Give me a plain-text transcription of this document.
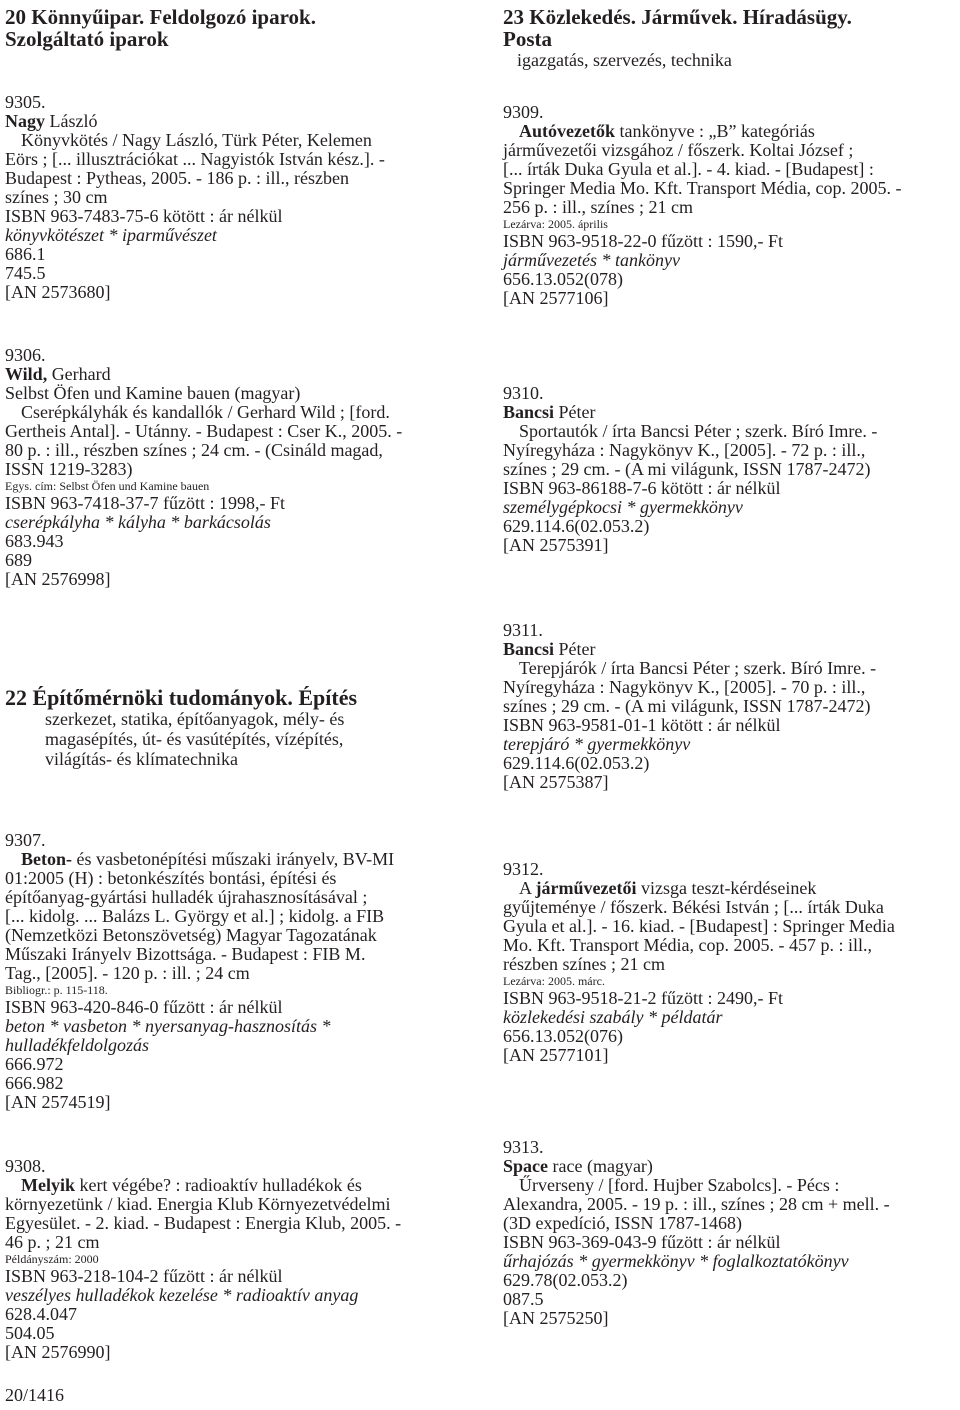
20 Könnyűipar. Feldolgozó iparok.
Szolgáltató iparok
23 Közlekedés. Járművek. Híradásügy.
Posta
igazgatás, szervezés, technika
9305.
Nagy László
Könyvkötés / Nagy László, Türk Péter, Kelemen
Eörs ; [... illusztrációkat ... Nagyistók István kész.]. -
Budapest : Pytheas, 2005. - 186 p. : ill., részben
színes ; 30 cm
ISBN 963-7483-75-6 kötött : ár nélkül
könyvkötészet * iparművészet
686.1
745.5
[AN 2573680]
9306.
Wild, Gerhard
Selbst Öfen und Kamine bauen (magyar)
Cserépkályhák és kandallók / Gerhard Wild ; [ford.
Gertheis Antal]. - Utánny. - Budapest : Cser K., 2005. -
80 p. : ill., részben színes ; 24 cm. - (Csináld magad,
ISSN 1219-3283)
Egys. cím: Selbst Öfen und Kamine bauen
ISBN 963-7418-37-7 fűzött : 1998,- Ft
cserépkályha * kályha * barkácsolás
683.943
689
[AN 2576998]
22 Építőmérnöki tudományok. Építés
szerkezet, statika, építőanyagok, mély- és
magasépítés, út- és vasútépítés, vízépítés,
világítás- és klímatechnika
9307.
Beton- és vasbetonépítési műszaki irányelv, BV-MI
01:2005 (H) : betonkészítés bontási, építési és
építőanyag-gyártási hulladék újrahasznosításával ;
[... kidolg. ... Balázs L. György et al.] ; kidolg. a FIB
(Nemzetközi Betonszövetség) Magyar Tagozatának
Műszaki Irányelv Bizottsága. - Budapest : FIB M.
Tag., [2005]. - 120 p. : ill. ; 24 cm
Bibliogr.: p. 115-118.
ISBN 963-420-846-0 fűzött : ár nélkül
beton * vasbeton * nyersanyag-hasznosítás *
hulladékfeldolgozás
666.972
666.982
[AN 2574519]
9308.
Melyik kert végébe? : radioaktív hulladékok és
környezetünk / kiad. Energia Klub Környezetvédelmi
Egyesület. - 2. kiad. - Budapest : Energia Klub, 2005. -
46 p. ; 21 cm
Példányszám: 2000
ISBN 963-218-104-2 fűzött : ár nélkül
veszélyes hulladékok kezelése * radioaktív anyag
628.4.047
504.05
[AN 2576990]
9309.
Autóvezetők tankönyve : „B” kategóriás
járművezetői vizsgához / főszerk. Koltai József ;
[... írták Duka Gyula et al.]. - 4. kiad. - [Budapest] :
Springer Media Mo. Kft. Transport Média, cop. 2005. -
256 p. : ill., színes ; 21 cm
Lezárva: 2005. április
ISBN 963-9518-22-0 fűzött : 1590,- Ft
járművezetés * tankönyv
656.13.052(078)
[AN 2577106]
9310.
Bancsi Péter
Sportautók / írta Bancsi Péter ; szerk. Bíró Imre. -
Nyíregyháza : Nagykönyv K., [2005]. - 72 p. : ill.,
színes ; 29 cm. - (A mi világunk, ISSN 1787-2472)
ISBN 963-86188-7-6 kötött : ár nélkül
személygépkocsi * gyermekkönyv
629.114.6(02.053.2)
[AN 2575391]
9311.
Bancsi Péter
Terepjárók / írta Bancsi Péter ; szerk. Bíró Imre. -
Nyíregyháza : Nagykönyv K., [2005]. - 70 p. : ill.,
színes ; 29 cm. - (A mi világunk, ISSN 1787-2472)
ISBN 963-9581-01-1 kötött : ár nélkül
terepjáró * gyermekkönyv
629.114.6(02.053.2)
[AN 2575387]
9312.
A járművezetői vizsga teszt-kérdéseinek
gyűjteménye / főszerk. Békési István ; [... írták Duka
Gyula et al.]. - 16. kiad. - [Budapest] : Springer Media
Mo. Kft. Transport Média, cop. 2005. - 457 p. : ill.,
részben színes ; 21 cm
Lezárva: 2005. márc.
ISBN 963-9518-21-2 fűzött : 2490,- Ft
közlekedési szabály * példatár
656.13.052(076)
[AN 2577101]
9313.
Space race (magyar)
Űrverseny / [ford. Hujber Szabolcs]. - Pécs :
Alexandra, 2005. - 19 p. : ill., színes ; 28 cm + mell. -
(3D expedíció, ISSN 1787-1468)
ISBN 963-369-043-9 fűzött : ár nélkül
űrhajózás * gyermekkönyv * foglalkoztatókönyv
629.78(02.053.2)
087.5
[AN 2575250]
20/1416
